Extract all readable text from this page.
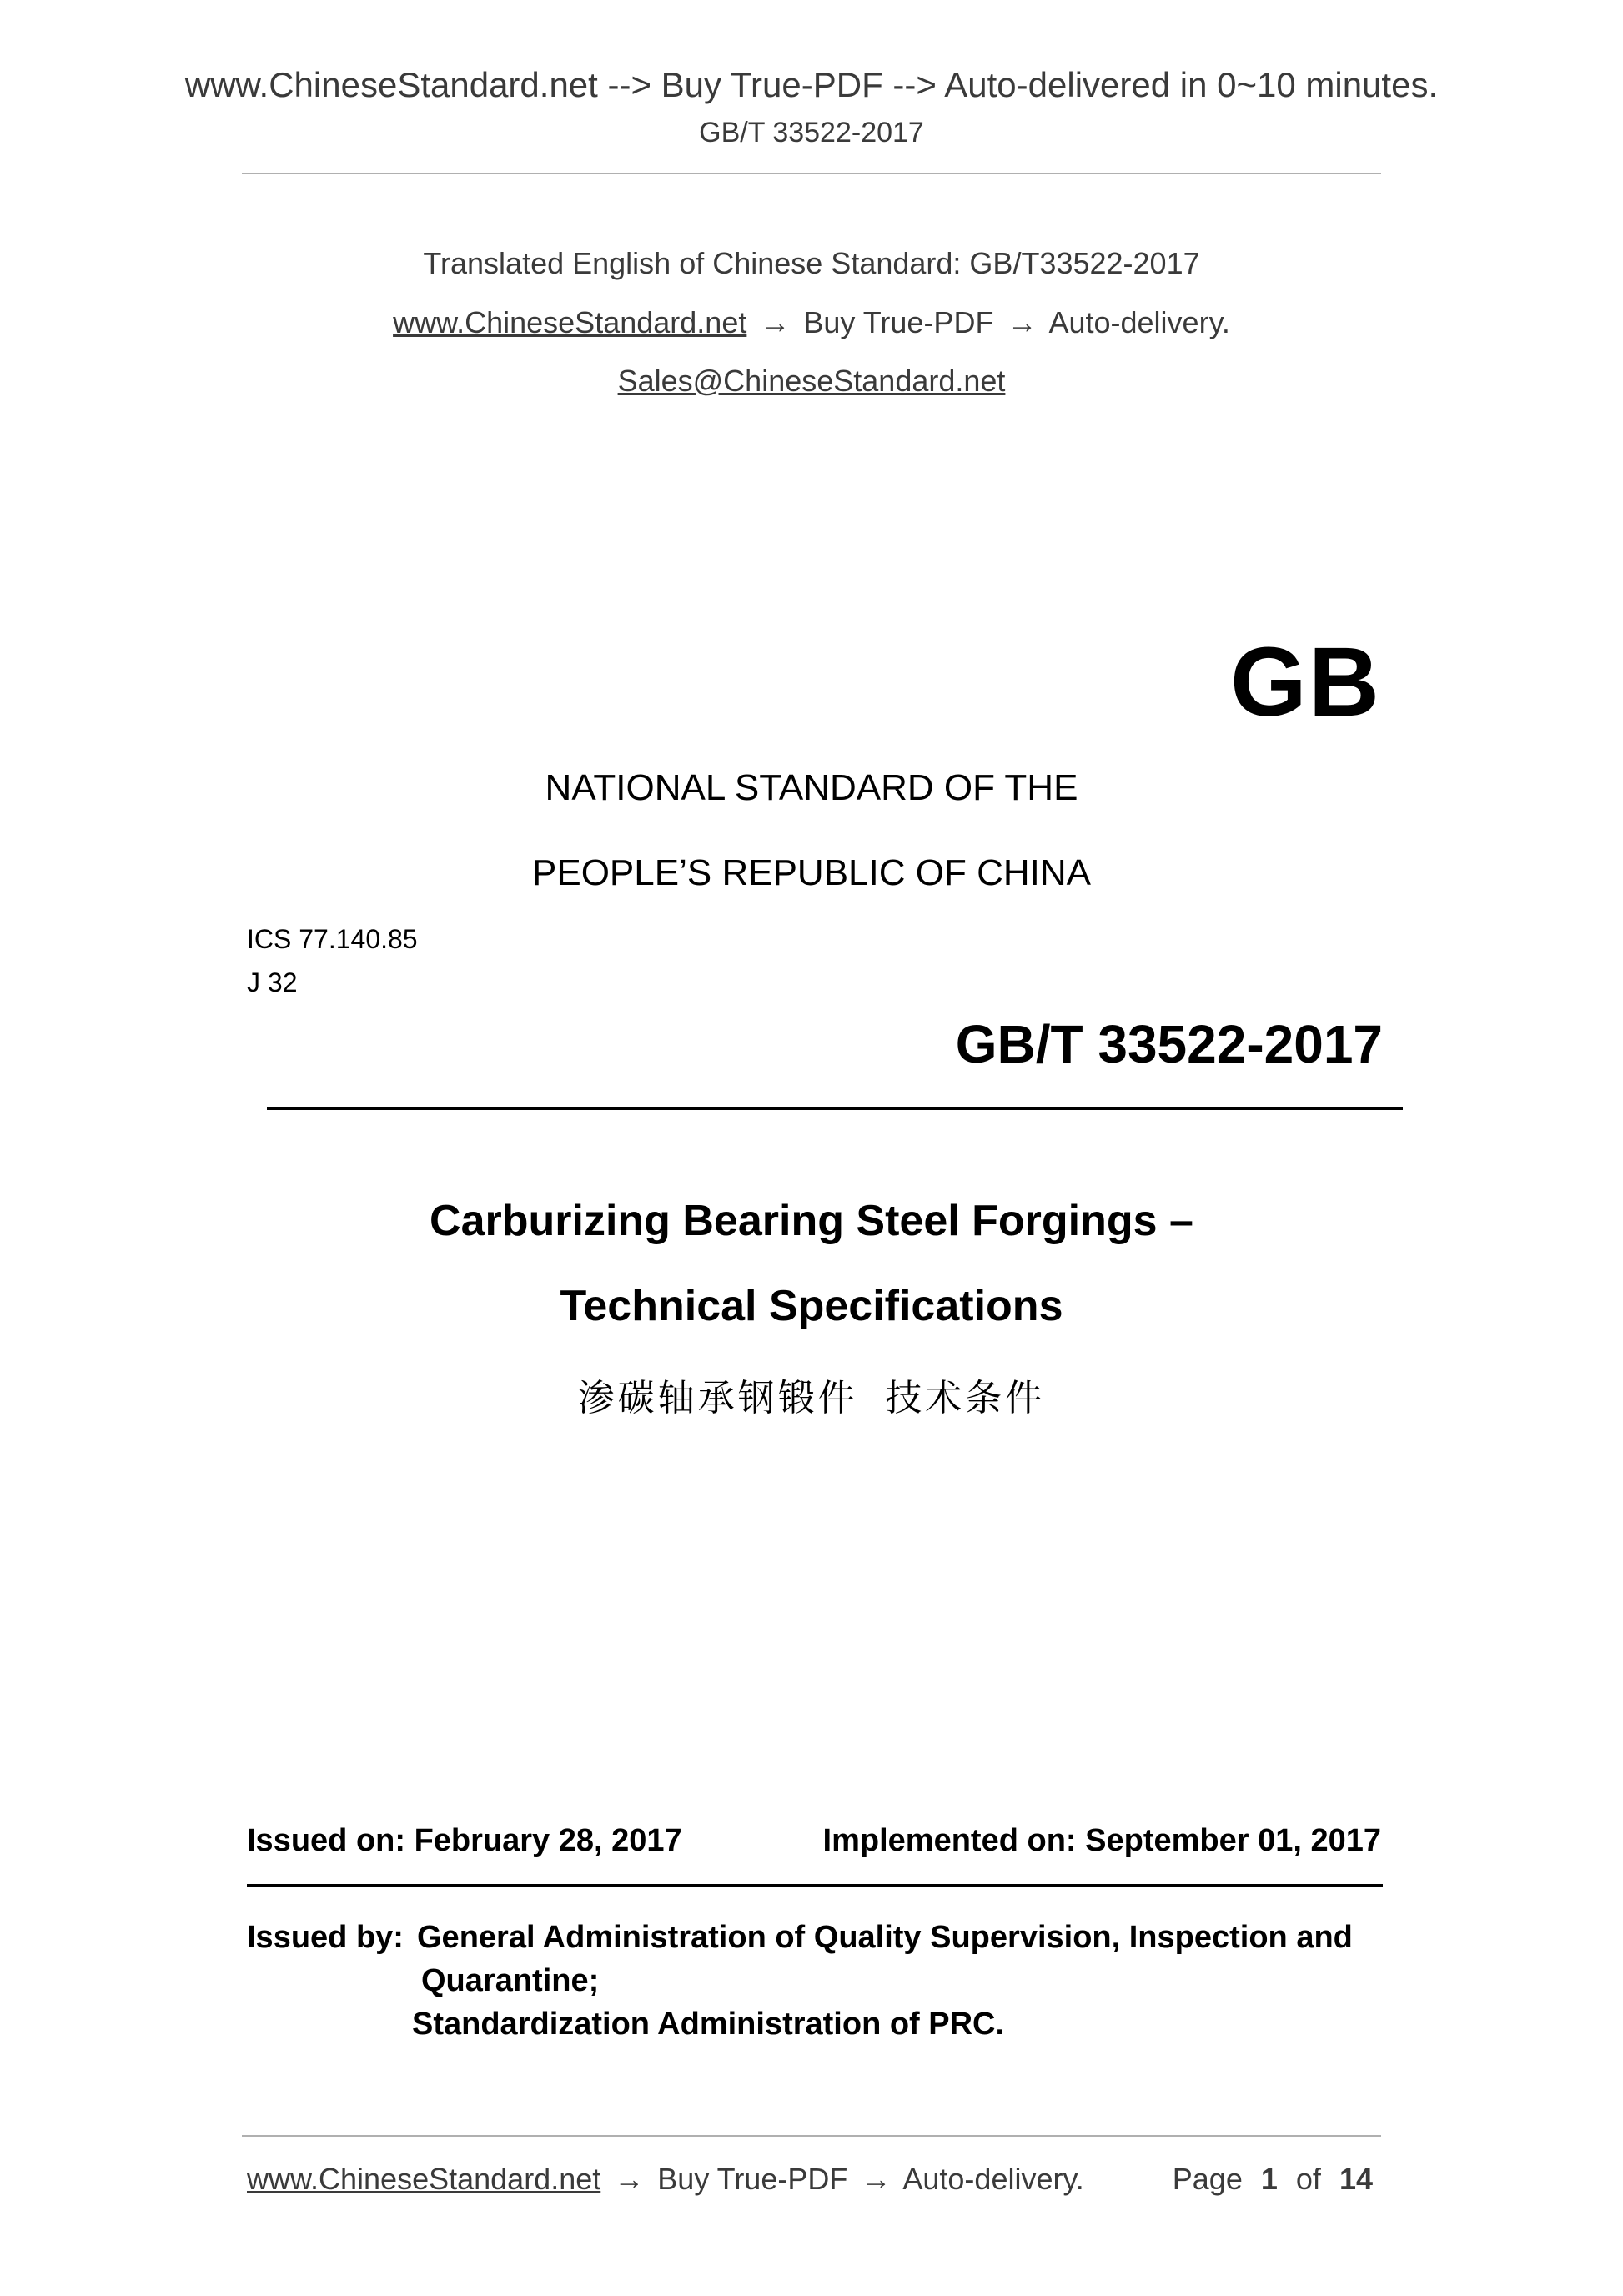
www.ChineseStandard.net --> Buy True-PDF --> Auto-delivered in 0~10 minutes.
GB/T 33522-2017
Translated English of Chinese Standard: GB/T33522-2017
www.ChineseStandard.net → Buy True-PDF → Auto-delivery.
Sales@ChineseStandard.net
GB
NATIONAL STANDARD OF THE
PEOPLE’S REPUBLIC OF CHINA
ICS 77.140.85
J 32
GB/T 33522-2017
Carburizing Bearing Steel Forgings –
Technical Specifications
渗碳轴承钢锻件  技术条件
Issued on: February 28, 2017	Implemented on: September 01, 2017
Issued by: General Administration of Quality Supervision, Inspection and
Quarantine;
Standardization Administration of PRC.
www.ChineseStandard.net → Buy True-PDF → Auto-delivery.	Page 1 of 14
